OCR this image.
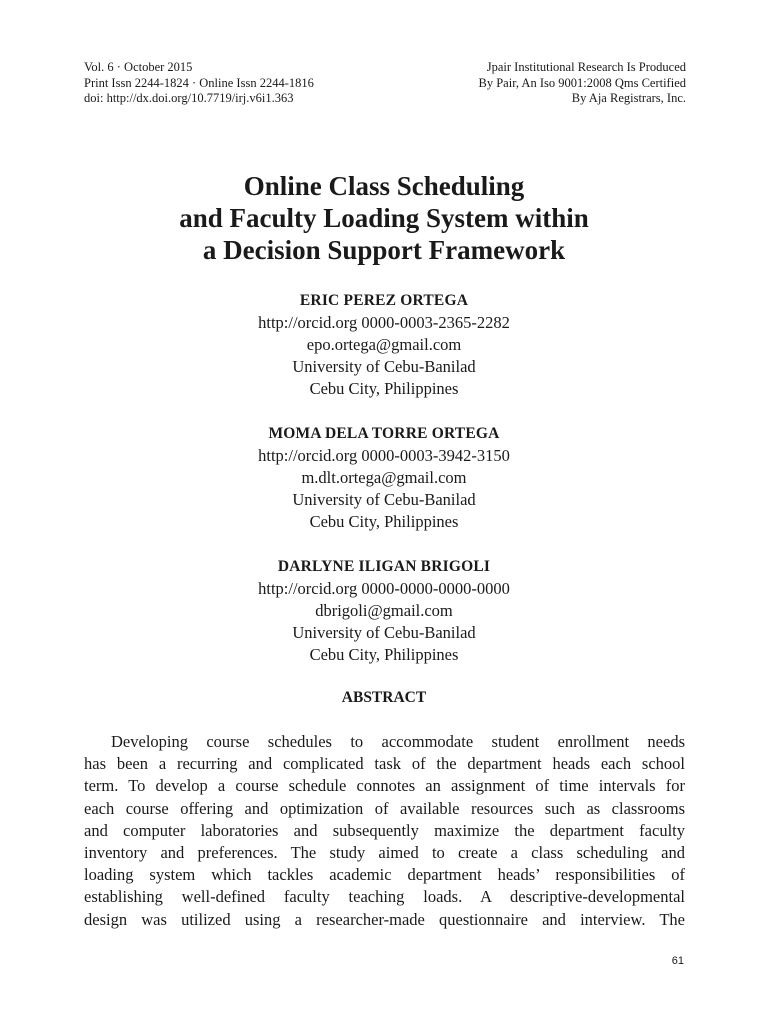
Vol. 6 · October 2015
Print Issn 2244-1824 · Online Issn 2244-1816
doi: http://dx.doi.org/10.7719/irj.v6i1.363
Jpair Institutional Research Is Produced
By Pair, An Iso 9001:2008 Qms Certified
By Aja Registrars, Inc.
Online Class Scheduling
and Faculty Loading System within
a Decision Support Framework
ERIC PEREZ ORTEGA
http://orcid.org 0000-0003-2365-2282
epo.ortega@gmail.com
University of Cebu-Banilad
Cebu City, Philippines
MOMA DELA TORRE ORTEGA
http://orcid.org 0000-0003-3942-3150
m.dlt.ortega@gmail.com
University of Cebu-Banilad
Cebu City, Philippines
DARLYNE ILIGAN BRIGOLI
http://orcid.org 0000-0000-0000-0000
dbrigoli@gmail.com
University of Cebu-Banilad
Cebu City, Philippines
ABSTRACT
Developing course schedules to accommodate student enrollment needs
has been a recurring and complicated task of the department heads each school
term. To develop a course schedule connotes an assignment of time intervals for
each course offering and optimization of available resources such as classrooms
and computer laboratories and subsequently maximize the department faculty
inventory and preferences. The study aimed to create a class scheduling and
loading system which tackles academic department heads’ responsibilities of
establishing well-defined faculty teaching loads. A descriptive-developmental
design was utilized using a researcher-made questionnaire and interview. The
61
